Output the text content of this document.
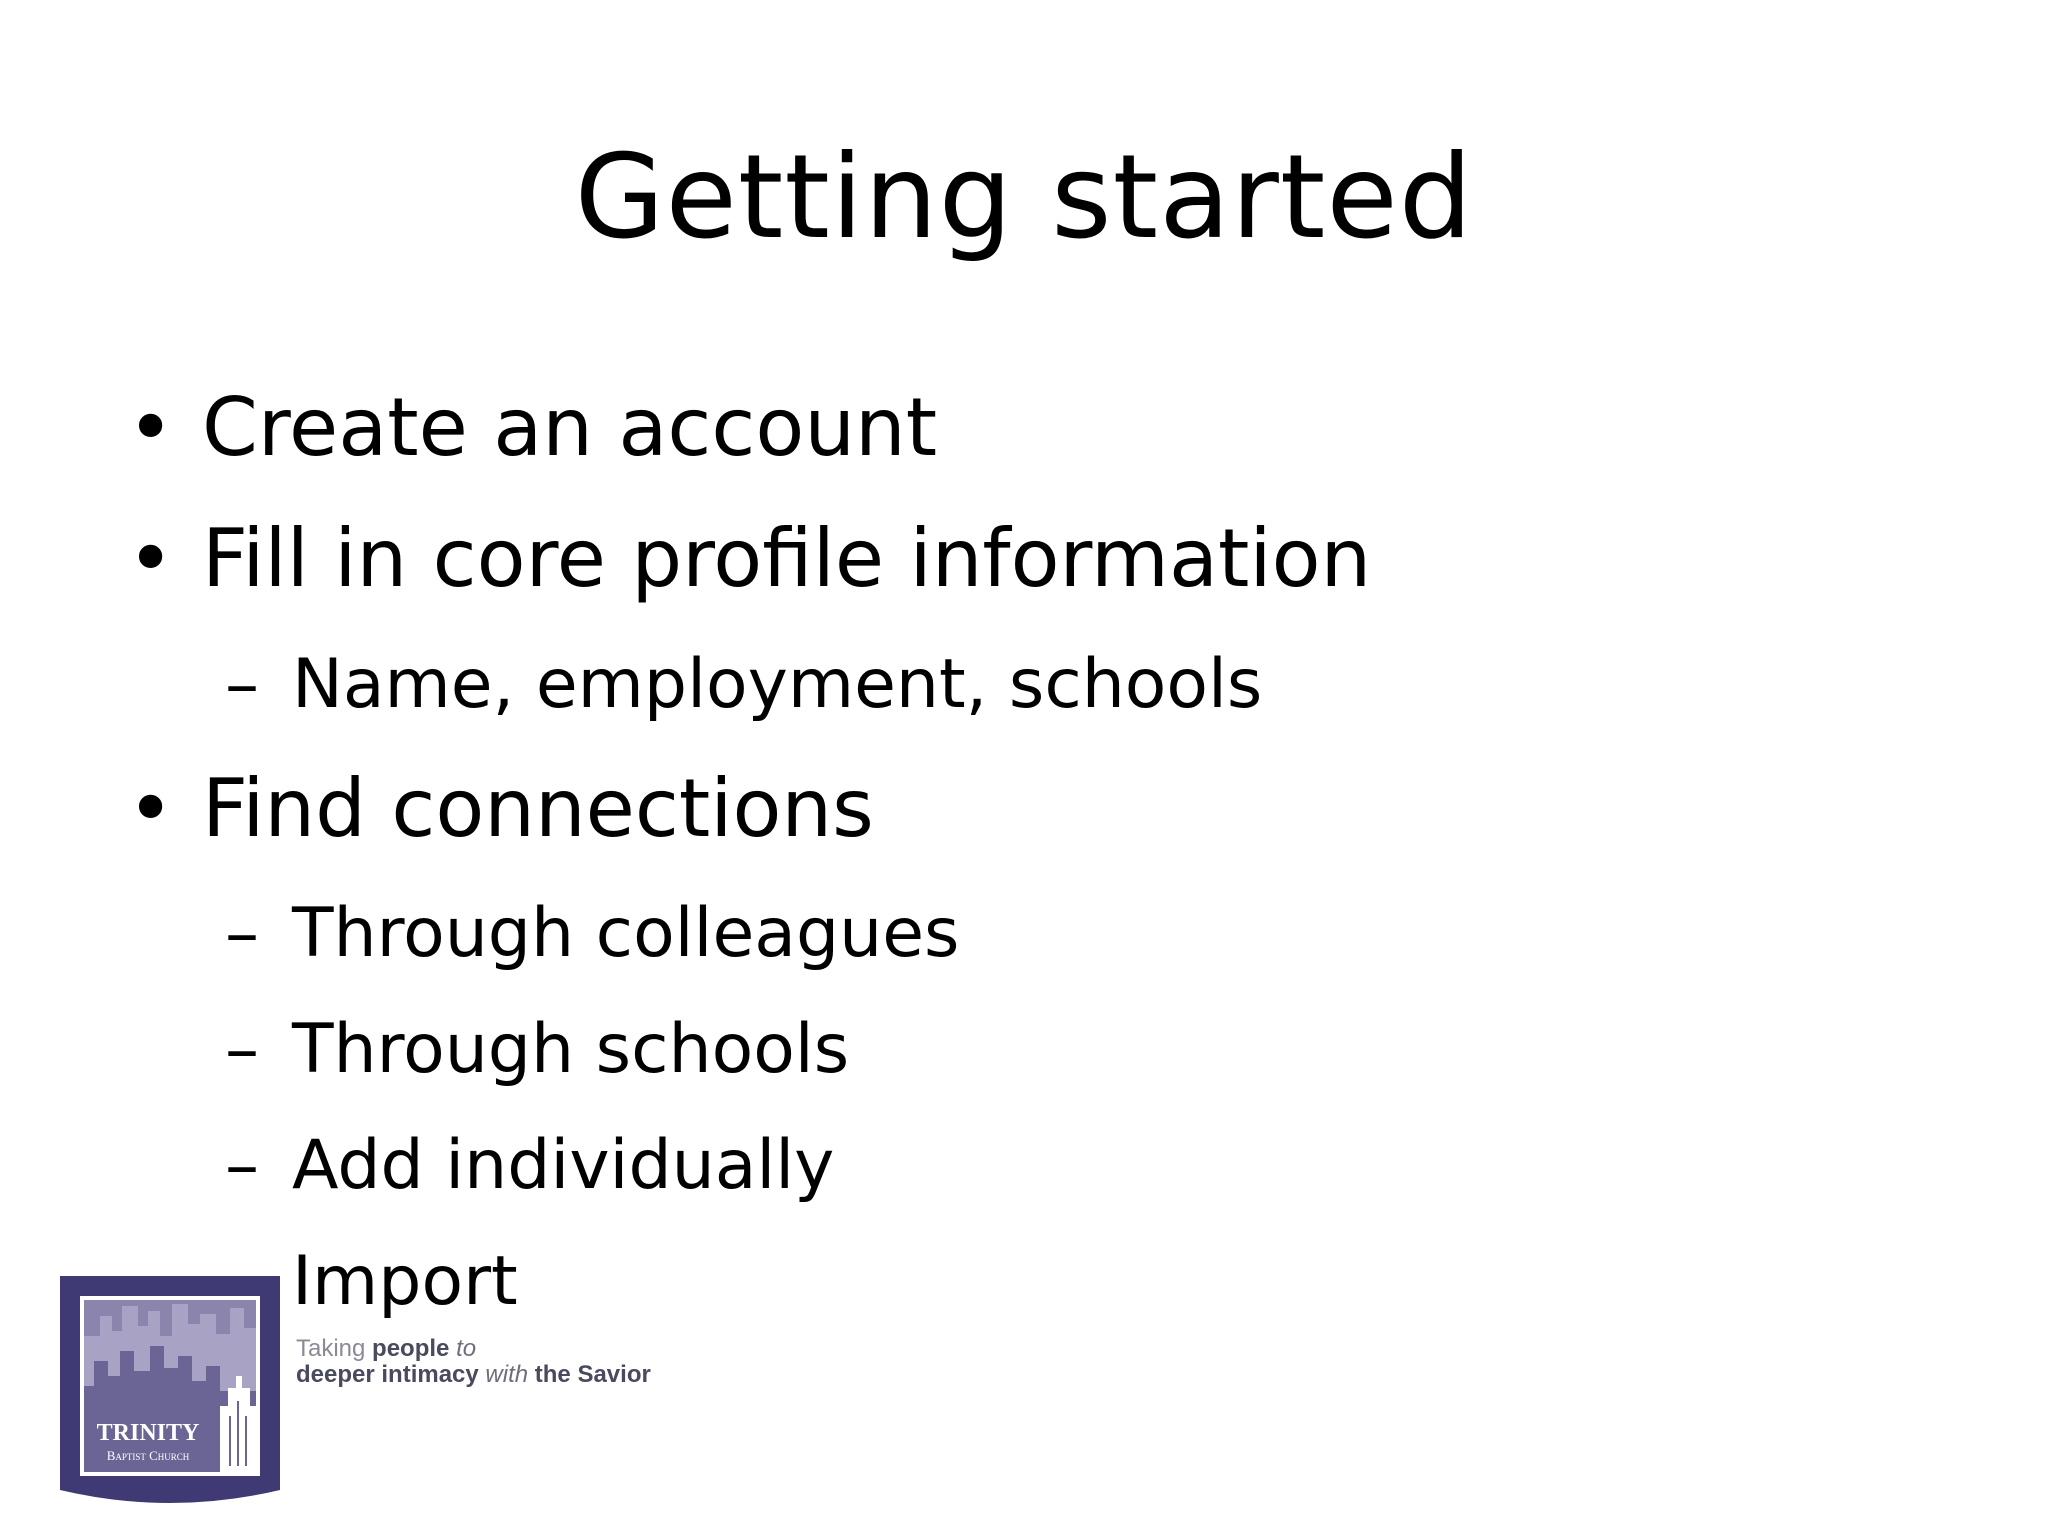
Getting started
• Create an account
• Fill in core profile information
– Name, employment, schools
• Find connections
– Through colleagues
– Through schools
– Add individually
Import
TRINITY
Baptist Church
Taking people to
deeper intimacy with the Savior
